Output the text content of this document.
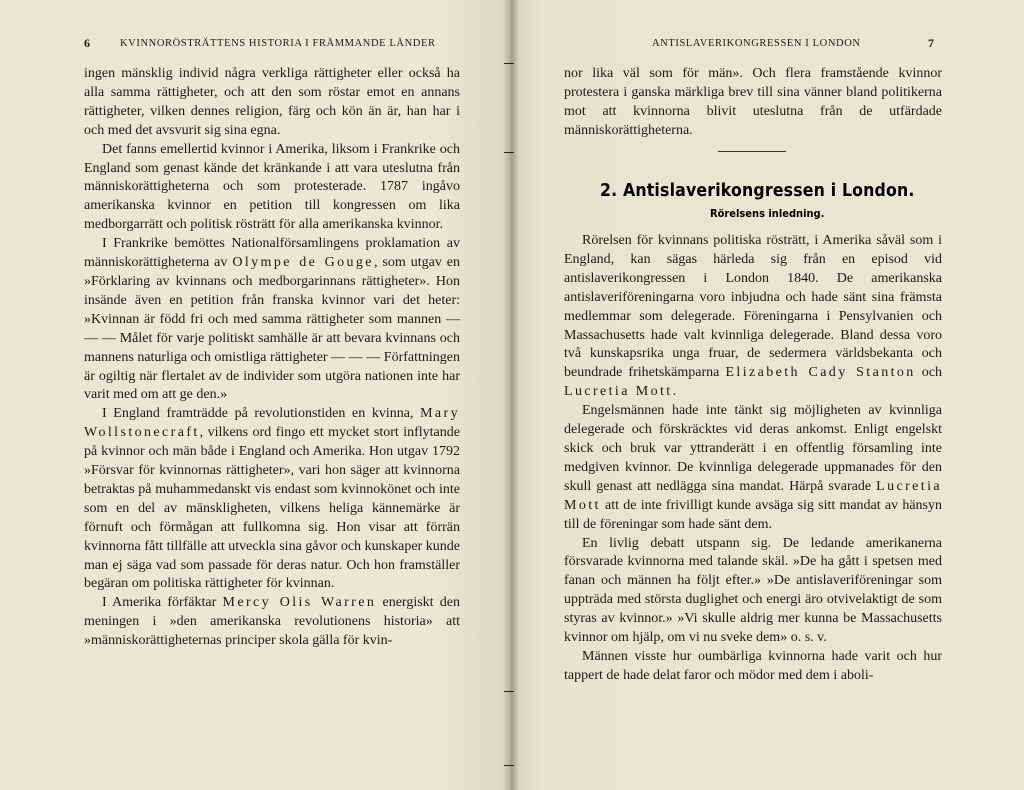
6	KVINNORÖSTRÄTTENS HISTORIA I FRÄMMANDE LÄNDER

ingen mänsklig individ några verkliga rättigheter eller också ha alla samma rättigheter, och att den som röstar emot en annans rättigheter, vilken dennes religion, färg och kön än är, han har i och med det avsvurit sig sina egna.

Det fanns emellertid kvinnor i Amerika, liksom i Frankrike och England som genast kände det kränkande i att vara uteslutna från människorättigheterna och som protesterade. 1787 ingåvo amerikanska kvinnor en petition till kongressen om lika medborgarrätt och politisk rösträtt för alla amerikanska kvinnor.

I Frankrike bemöttes Nationalförsamlingens proklamation av människorättigheterna av Olympe de Gouge, som utgav en »Förklaring av kvinnans och medborgarinnans rättigheter». Hon insände även en petition från franska kvinnor vari det heter: »Kvinnan är född fri och med samma rättigheter som mannen — — — Målet för varje politiskt samhälle är att bevara kvinnans och mannens naturliga och omistliga rättigheter — — — Författningen är ogiltig när flertalet av de individer som utgöra nationen inte har varit med om att ge den.»

I England framträdde på revolutionstiden en kvinna, Mary Wollstonecraft, vilkens ord fingo ett mycket stort inflytande på kvinnor och män både i England och Amerika. Hon utgav 1792 »Försvar för kvinnornas rättigheter», vari hon säger att kvinnorna betraktas på muhammedanskt vis endast som kvinnokönet och inte som en del av mänskligheten, vilkens heliga kännemärke är förnuft och förmågan att fullkomna sig. Hon visar att förrän kvinnorna fått tillfälle att utveckla sina gåvor och kunskaper kunde man ej säga vad som passade för deras natur. Och hon framställer begäran om politiska rättigheter för kvinnan.

I Amerika förfäktar Mercy Olis Warren energiskt den meningen i »den amerikanska revolutionens historia» att »människorättigheternas principer skola gälla för kvin-

ANTISLAVERIKONGRESSEN I LONDON	7

nor lika väl som för män». Och flera framstående kvinnor protestera i ganska märkliga brev till sina vänner bland politikerna mot att kvinnorna blivit uteslutna från de utfärdade människorättigheterna.

Rörelsen för kvinnans politiska rösträtt, i Amerika såväl som i England, kan sägas härleda sig från en episod vid antislaverikongressen i London 1840. De amerikanska antislaveriföreningarna voro inbjudna och hade sänt sina främsta medlemmar som delegerade. Föreningarna i Pensylvanien och Massachusetts hade valt kvinnliga delegerade. Bland dessa voro två kunskapsrika unga fruar, de sedermera världsbekanta och beundrade frihetskämparna Elizabeth Cady Stanton och Lucretia Mott.

Engelsmännen hade inte tänkt sig möjligheten av kvinnliga delegerade och förskräcktes vid deras ankomst. Enligt engelskt skick och bruk var yttranderätt i en offentlig församling inte medgiven kvinnor. De kvinnliga delegerade uppmanades för den skull genast att nedlägga sina mandat. Härpå svarade Lucretia Mott att de inte frivilligt kunde avsäga sig sitt mandat av hänsyn till de föreningar som hade sänt dem.

En livlig debatt utspann sig. De ledande amerikanerna försvarade kvinnorna med talande skäl. »De ha gått i spetsen med fanan och männen ha följt efter.» »De antislaveriföreningar som uppträda med största duglighet och energi äro otvivelaktigt de som styras av kvinnor.» »Vi skulle aldrig mer kunna be Massachusetts kvinnor om hjälp, om vi nu sveke dem» o. s. v.

Männen visste hur oumbärliga kvinnorna hade varit och hur tappert de hade delat faror och mödor med dem i aboli-

2. Antislaverikongressen i London.
Rörelsens inledning.
